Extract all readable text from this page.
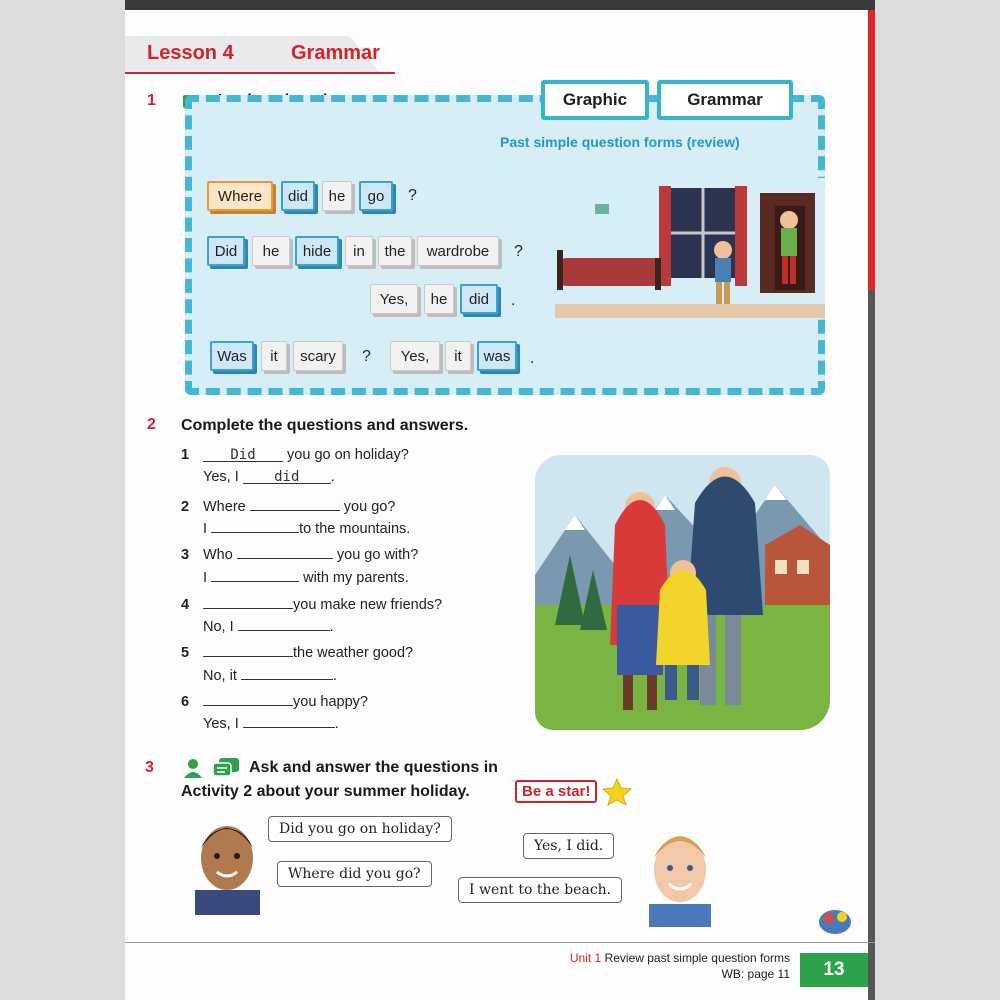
Lesson 4	Grammar
1	Graphic	Grammar
Past simple question forms (review)
Where	did	he	go	?
Did	he	hide	in	the	wardrobe	?
Yes,	he	did	.
Was	it	scary	?	Yes,	it	was	.
2 Complete the questions and answers.
1	Did you go on holiday?
Yes, I	did .
2 Where	you go?
I	to the mountains.
3 Who	you go with?
I	with my parents.
4	you make new friends?
No, I	.
5	the weather good?
No, it	.
6	you happy?
Yes, I	.
3	Ask and answer the questions in
Activity 2 about your summer holiday.	Be a star!
Did you go on holiday?
Where did you go?
Yes, I did.
I went to the beach.
Unit 1 Review past simple question forms
WB: page 11	13
